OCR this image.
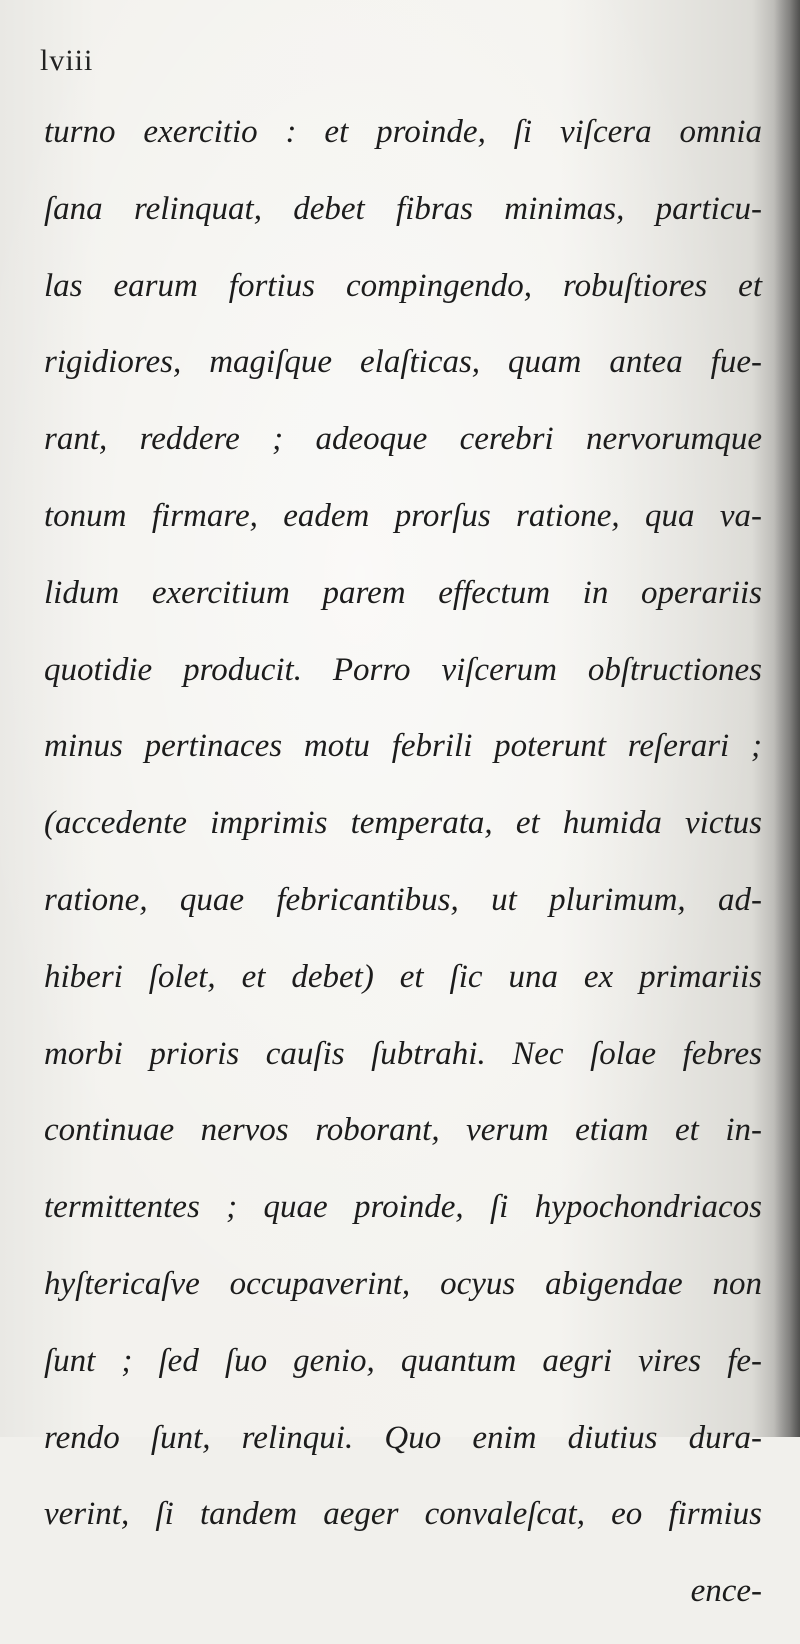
lviii
turno exercitio : et proinde, ſi viſcera omnia
ſana relinquat, debet fibras minimas, particu-
las earum fortius compingendo, robuſtiores et
rigidiores, magiſque elaſticas, quam antea fue-
rant, reddere ; adeoque cerebri nervorumque
tonum firmare, eadem prorſus ratione, qua va-
lidum exercitium parem effectum in operariis
quotidie producit. Porro viſcerum obſtructiones
minus pertinaces motu febrili poterunt reſerari ;
(accedente imprimis temperata, et humida victus
ratione, quae febricantibus, ut plurimum, ad-
hiberi ſolet, et debet) et ſic una ex primariis
morbi prioris cauſis ſubtrahi. Nec ſolae febres
continuae nervos roborant, verum etiam et in-
termittentes ; quae proinde, ſi hypochondriacos
hyſtericaſve occupaverint, ocyus abigendae non
ſunt ; ſed ſuo genio, quantum aegri vires fe-
rendo ſunt, relinqui. Quo enim diutius dura-
verint, ſi tandem aeger convaleſcat, eo firmius
ence-
